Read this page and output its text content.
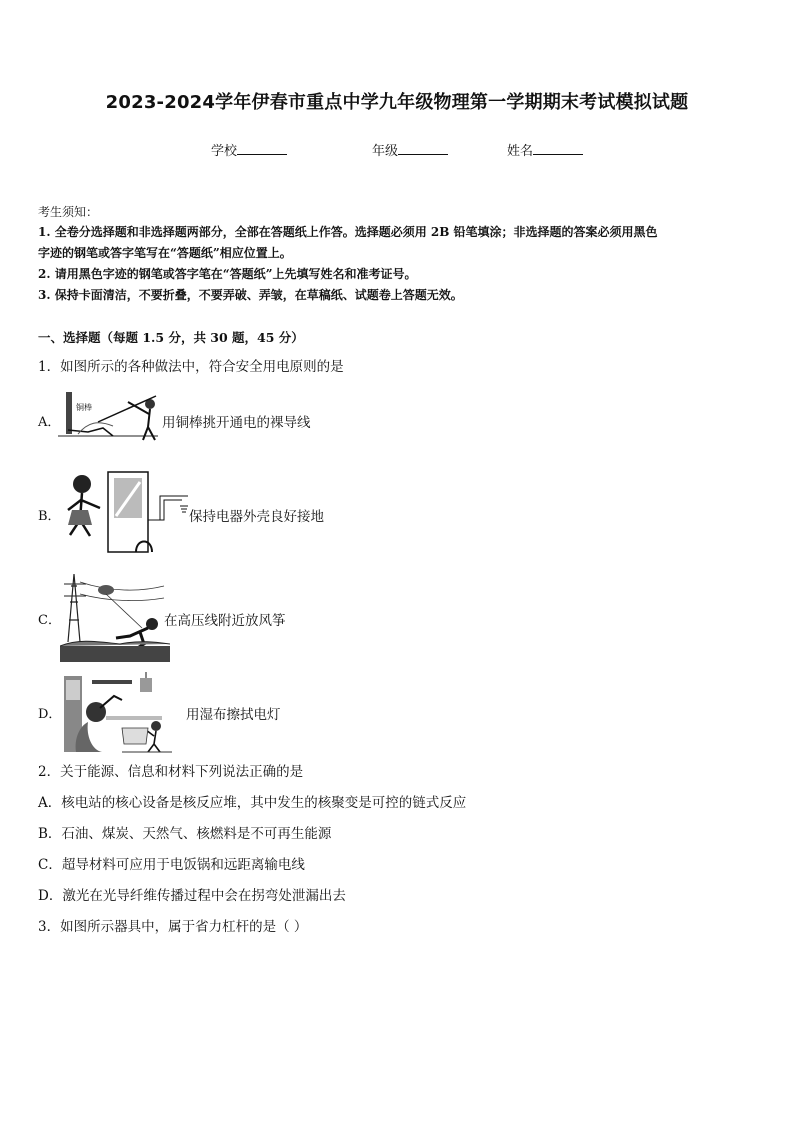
2023-2024学年伊春市重点中学九年级物理第一学期期末考试模拟试题
学校	年级	姓名
考生须知：
1. 全卷分选择题和非选择题两部分，全部在答题纸上作答。选择题必须用 2B 铅笔填涂；非选择题的答案必须用黑色
字迹的钢笔或答字笔写在“答题纸”相应位置上。
2. 请用黑色字迹的钢笔或答字笔在“答题纸”上先填写姓名和准考证号。
3. 保持卡面清洁，不要折叠，不要弄破、弄皱，在草稿纸、试题卷上答题无效。
一、选择题（每题 1.5 分，共 30 题，45 分）
1．如图所示的各种做法中，符合安全用电原则的是
A．
铜棒
用铜棒挑开通电的裸导线
B．	保持电器外壳良好接地
C．	在高压线附近放风筝
D．	用湿布擦拭电灯
2．关于能源、信息和材料下列说法正确的是
A．核电站的核心设备是核反应堆，其中发生的核聚变是可控的链式反应
B．石油、煤炭、天然气、核燃料是不可再生能源
C．超导材料可应用于电饭锅和远距离输电线
D．激光在光导纤维传播过程中会在拐弯处泄漏出去
3．如图所示器具中，属于省力杠杆的是（ ）
